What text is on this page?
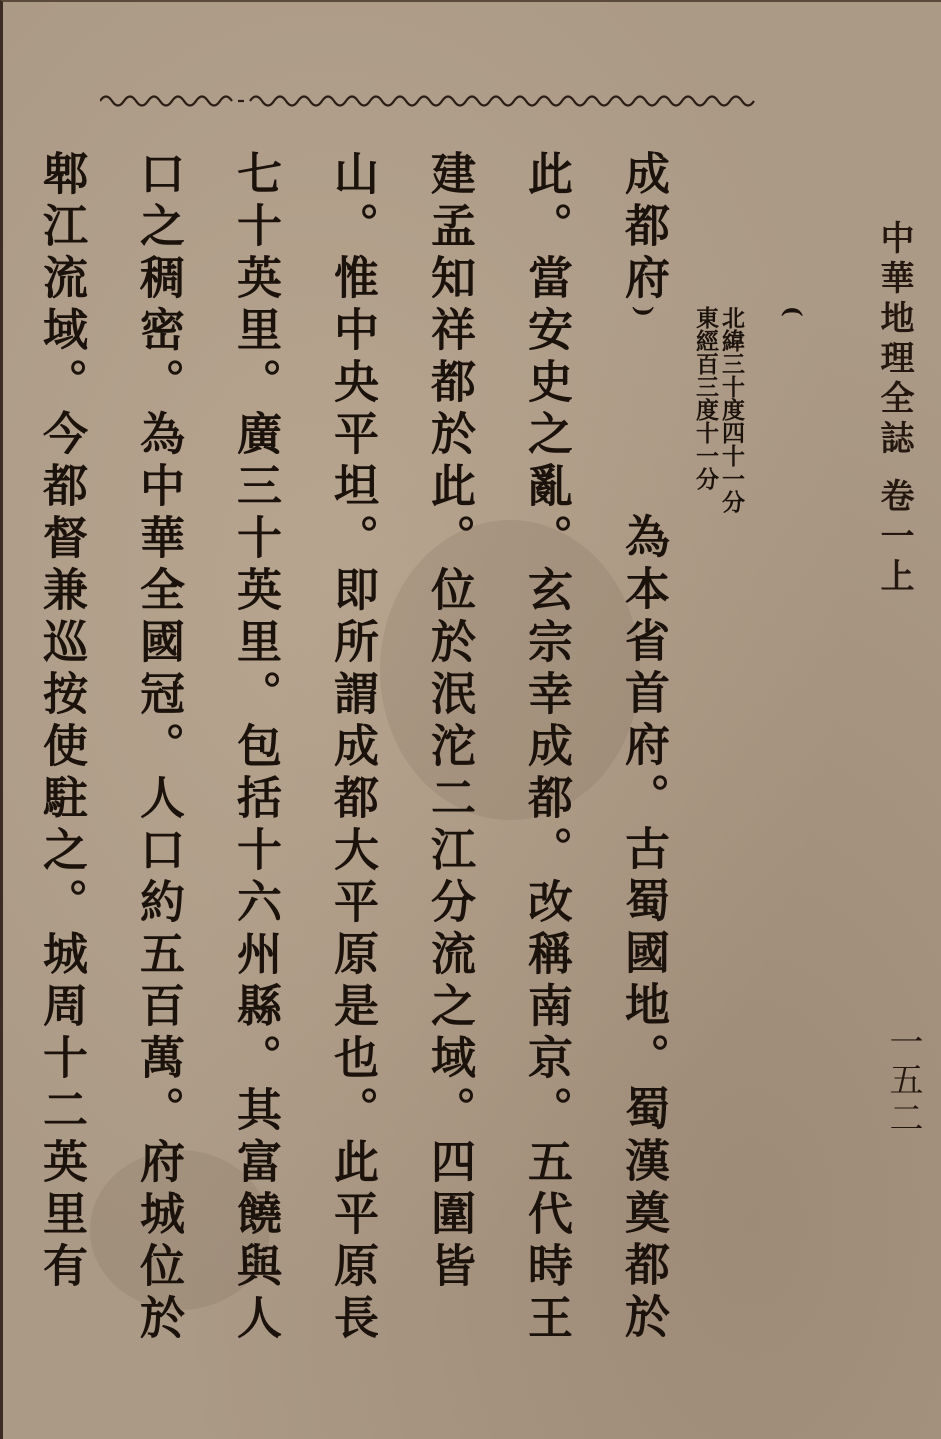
中華地理全誌 卷一上
一五二

成都府(
北緯三十度四十一分
東經百三度十一分
)為本省首府。古蜀國地。蜀漢奠都於此。當安史之亂。玄宗幸成都。改稱南京。五代時王建孟知祥都於此。位於泯沱二江分流之域。四圍皆山。惟中央平坦。即所謂成都大平原是也。此平原長七十英里。廣三十英里。包括十六州縣。其富饒與人口之稠密。為中華全國冠。人口約五百萬。府城位於郫江流域。今都督兼巡按使駐之。城周十二英里有
